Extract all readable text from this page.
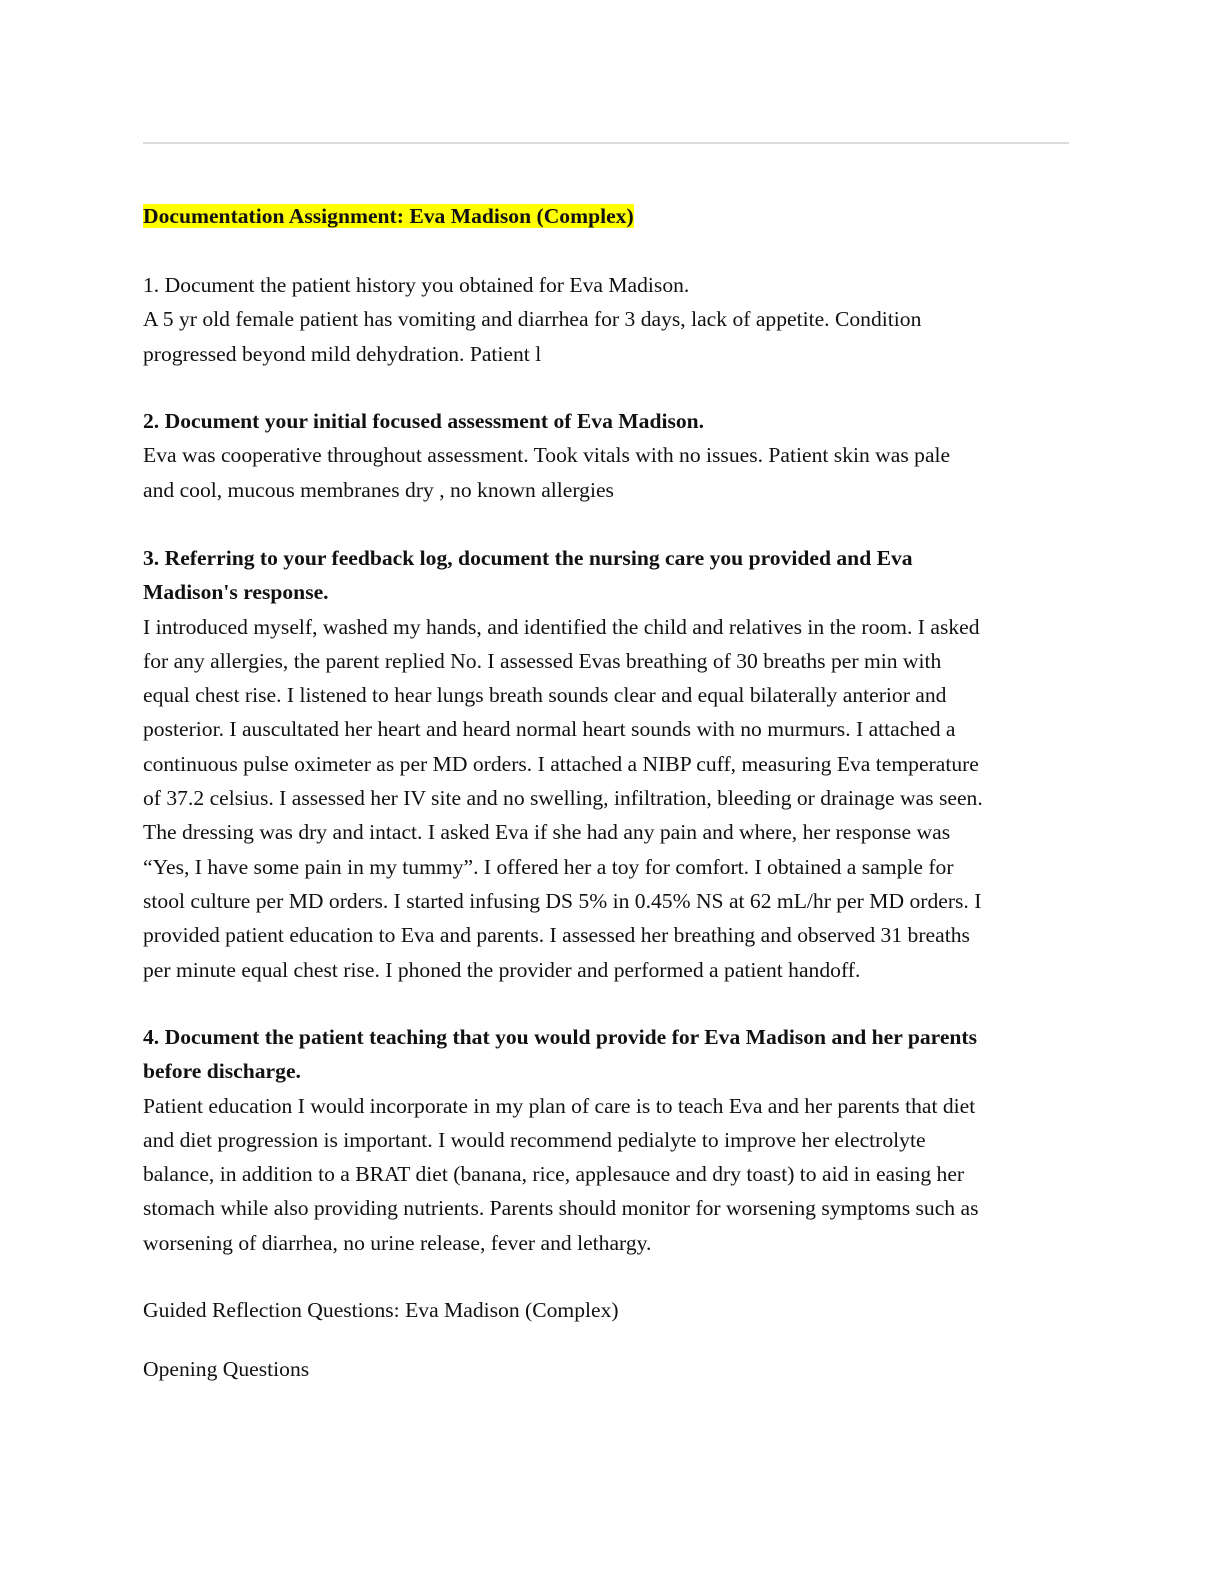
Documentation Assignment: Eva Madison (Complex)
1. Document the patient history you obtained for Eva Madison.
A 5 yr old female patient has vomiting and diarrhea for 3 days, lack of appetite. Condition
progressed beyond mild dehydration. Patient l
2. Document your initial focused assessment of Eva Madison.
Eva was cooperative throughout assessment. Took vitals with no issues. Patient skin was pale
and cool, mucous membranes dry , no known allergies
3. Referring to your feedback log, document the nursing care you provided and Eva
Madison's response.
I introduced myself, washed my hands, and identified the child and relatives in the room. I asked
for any allergies, the parent replied No. I assessed Evas breathing of 30 breaths per min with
equal chest rise. I listened to hear lungs breath sounds clear and equal bilaterally anterior and
posterior. I auscultated her heart and heard normal heart sounds with no murmurs. I attached a
continuous pulse oximeter as per MD orders. I attached a NIBP cuff, measuring Eva temperature
of 37.2 celsius. I assessed her IV site and no swelling, infiltration, bleeding or drainage was seen.
The dressing was dry and intact. I asked Eva if she had any pain and where, her response was
“Yes, I have some pain in my tummy”. I offered her a toy for comfort. I obtained a sample for
stool culture per MD orders. I started infusing DS 5% in 0.45% NS at 62 mL/hr per MD orders. I
provided patient education to Eva and parents. I assessed her breathing and observed 31 breaths
per minute equal chest rise. I phoned the provider and performed a patient handoff.
4. Document the patient teaching that you would provide for Eva Madison and her parents
before discharge.
Patient education I would incorporate in my plan of care is to teach Eva and her parents that diet
and diet progression is important. I would recommend pedialyte to improve her electrolyte
balance, in addition to a BRAT diet (banana, rice, applesauce and dry toast) to aid in easing her
stomach while also providing nutrients. Parents should monitor for worsening symptoms such as
worsening of diarrhea, no urine release, fever and lethargy.
Guided Reflection Questions: Eva Madison (Complex)
Opening Questions
